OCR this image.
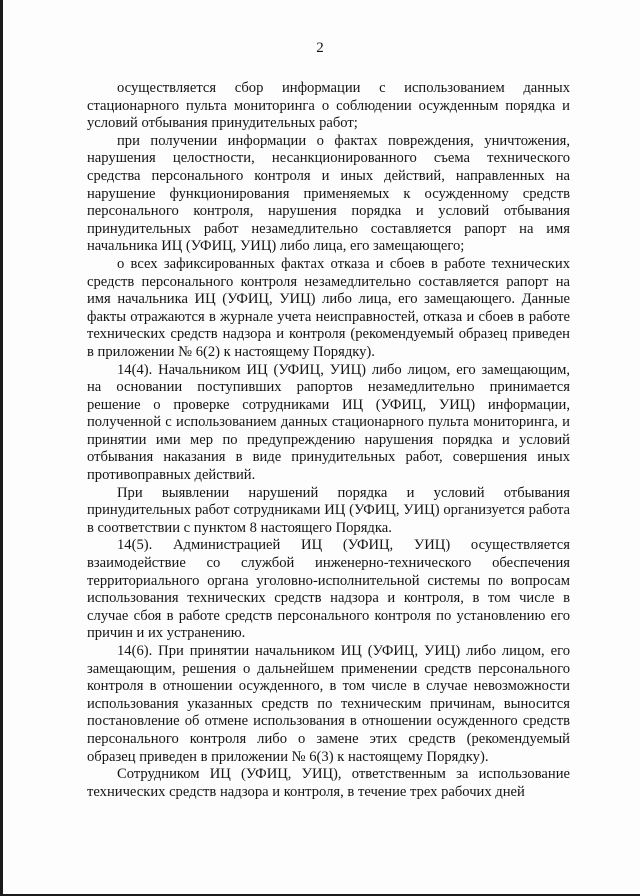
2

осуществляется сбор информации с использованием данных стационарного пульта мониторинга о соблюдении осужденным порядка и условий отбывания принудительных работ;

при получении информации о фактах повреждения, уничтожения, нарушения целостности, несанкционированного съема технического средства персонального контроля и иных действий, направленных на нарушение функционирования применяемых к осужденному средств персонального контроля, нарушения порядка и условий отбывания принудительных работ незамедлительно составляется рапорт на имя начальника ИЦ (УФИЦ, УИЦ) либо лица, его замещающего;

о всех зафиксированных фактах отказа и сбоев в работе технических средств персонального контроля незамедлительно составляется рапорт на имя начальника ИЦ (УФИЦ, УИЦ) либо лица, его замещающего. Данные факты отражаются в журнале учета неисправностей, отказа и сбоев в работе технических средств надзора и контроля (рекомендуемый образец приведен в приложении № 6(2) к настоящему Порядку).

14(4). Начальником ИЦ (УФИЦ, УИЦ) либо лицом, его замещающим, на основании поступивших рапортов незамедлительно принимается решение о проверке сотрудниками ИЦ (УФИЦ, УИЦ) информации, полученной с использованием данных стационарного пульта мониторинга, и принятии ими мер по предупреждению нарушения порядка и условий отбывания наказания в виде принудительных работ, совершения иных противоправных действий.

При выявлении нарушений порядка и условий отбывания принудительных работ сотрудниками ИЦ (УФИЦ, УИЦ) организуется работа в соответствии с пунктом 8 настоящего Порядка.

14(5). Администрацией ИЦ (УФИЦ, УИЦ) осуществляется взаимодействие со службой инженерно-технического обеспечения территориального органа уголовно-исполнительной системы по вопросам использования технических средств надзора и контроля, в том числе в случае сбоя в работе средств персонального контроля по установлению его причин и их устранению.

14(6). При принятии начальником ИЦ (УФИЦ, УИЦ) либо лицом, его замещающим, решения о дальнейшем применении средств персонального контроля в отношении осужденного, в том числе в случае невозможности использования указанных средств по техническим причинам, выносится постановление об отмене использования в отношении осужденного средств персонального контроля либо о замене этих средств (рекомендуемый образец приведен в приложении № 6(3) к настоящему Порядку).

Сотрудником ИЦ (УФИЦ, УИЦ), ответственным за использование технических средств надзора и контроля, в течение трех рабочих дней
